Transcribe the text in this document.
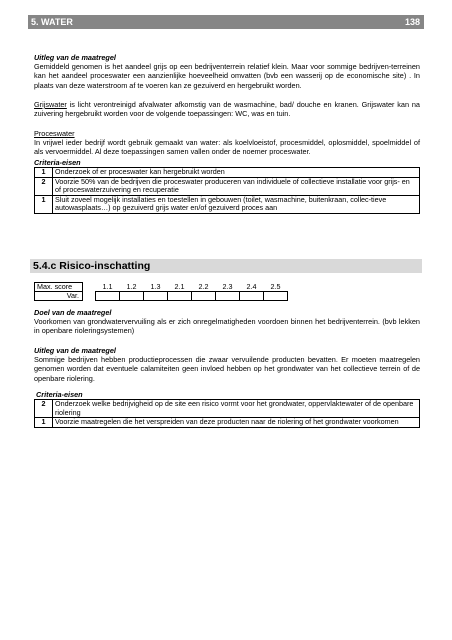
5. WATER	138

Uitleg van de maatregel

Gemiddeld genomen is het aandeel grijs op een bedrijventerrein relatief klein. Maar voor sommige bedrijven-terreinen kan het aandeel proceswater een aanzienlijke hoeveelheid omvatten (bvb een wasserij op de economische site) . In plaats van deze waterstroom af te voeren kan ze gezuiverd en hergebruikt worden.

Grijswater is licht verontreinigd afvalwater afkomstig van de wasmachine, bad/ douche en kranen. Grijswater kan na zuivering hergebruikt worden voor de volgende toepassingen: WC, was en tuin.

Proceswater

In vrijwel ieder bedrijf wordt gebruik gemaakt van water: als koelvloeistof, procesmiddel, oplosmiddel, spoelmiddel of als vervoermiddel. Al deze toepassingen samen vallen onder de noemer proceswater.

Criteria-eisen

1	Onderzoek of er proceswater kan hergebruikt worden
2	Voorzie 50% van de bedrijven die proceswater produceren van individuele of collectieve installatie voor grijs- en of proceswaterzuivering en recuperatie
1	Sluit zoveel mogelijk installaties en toestellen in gebouwen (toilet, wasmachine, buitenkraan, collec-tieve autowasplaats…) op gezuiverd grijs water en/of gezuiverd proces aan
5.4.c Risico-inschatting
Max. score		1.1	1.2	1.3	2.1	2.2	2.3	2.4	2.5
Var.									

Doel van de maatregel

Voorkomen van grondwatervervuiling als er zich onregelmatigheden voordoen binnen het bedrijventerrein. (bvb lekken in openbare rioleringsystemen)

Uitleg van de maatregel

Sommige bedrijven hebben productieprocessen die zwaar vervuilende producten bevatten. Er moeten maatregelen genomen worden dat eventuele calamiteiten geen invloed hebben op het grondwater van het collectieve terrein of de openbare riolering.

Criteria-eisen

2	Onderzoek welke bedrijvigheid op de site een risico vormt voor het grondwater, oppervlaktewater of de openbare riolering
1	Voorzie maatregelen die het verspreiden van deze producten naar de riolering of het grondwater voorkomen
